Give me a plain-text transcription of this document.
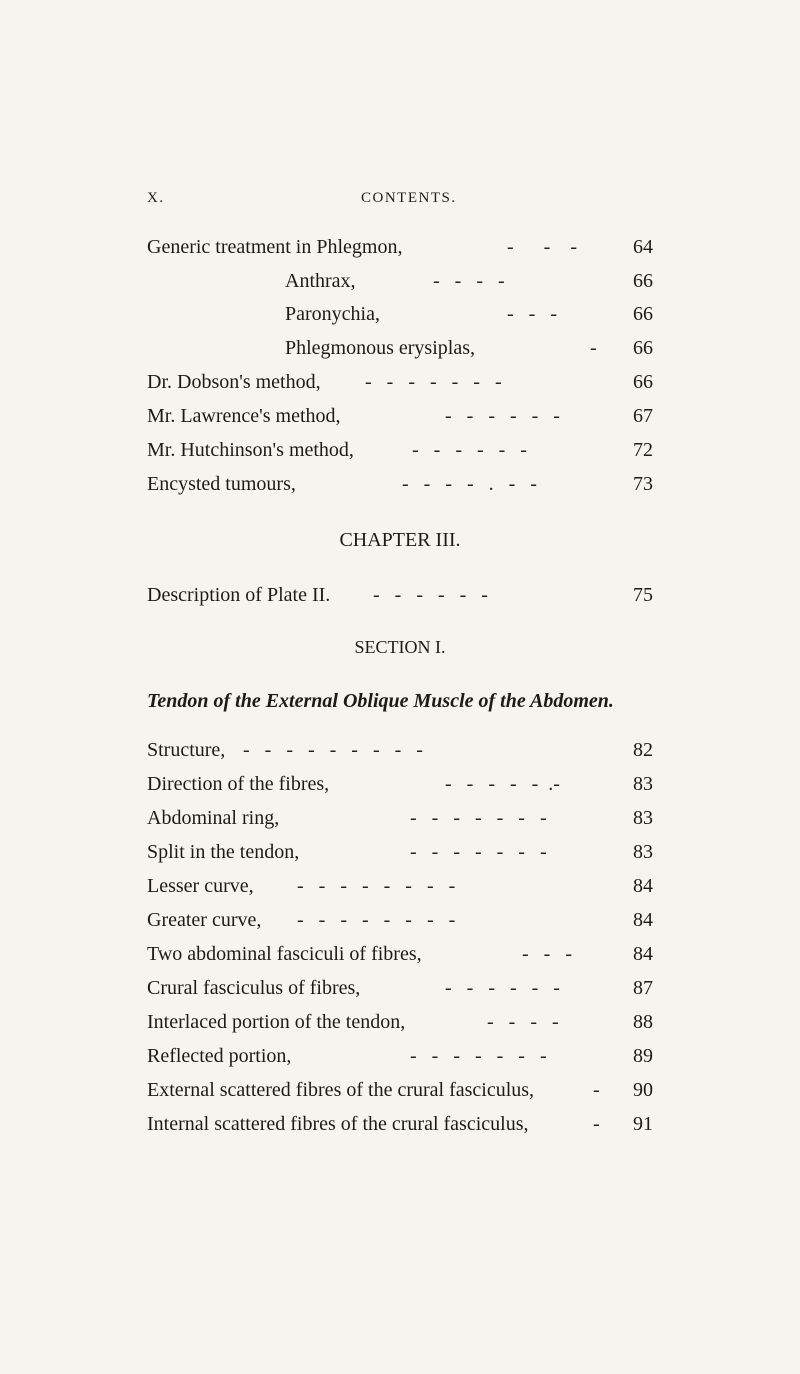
X.	CONTENTS.
Generic treatment in Phlegmon,	-      -    -	64
Anthrax,	-   -   -   -	66
Paronychia,	-   -   -	66
Phlegmonous erysiplas,	-	66
Dr. Dobson's method, -   -   -   -   -   -   -	66
Mr. Lawrence's method,	-   -   -   -   -   -	67
Mr. Hutchinson's method,	-   -   -   -   -   -	72
Encysted tumours,	-   -   -   -   .   -   -	73
CHAPTER III.
Description of Plate II. -   -   -   -   -   -	75
SECTION I.
Tendon of the External Oblique Muscle of the Abdomen.
Structure, -   -   -   -   -   -   -   -   -	82
Direction of the fibres,	-   -   -   -   -  .-	83
Abdominal ring,	-   -   -   -   -   -   -	83
Split in the tendon,	-   -   -   -   -   -   -	83
Lesser curve, -   -   -   -   -   -   -   -	84
Greater curve, -   -   -   -   -   -   -   -	84
Two abdominal fasciculi of fibres,	-   -   -	84
Crural fasciculus of fibres,	-   -   -   -   -   -	87
Interlaced portion of the tendon,	-   -   -   -	88
Reflected portion,	-   -   -   -   -   -   -	89
External scattered fibres of the crural fasciculus,	-	90
Internal scattered fibres of the crural fasciculus,	-	91
